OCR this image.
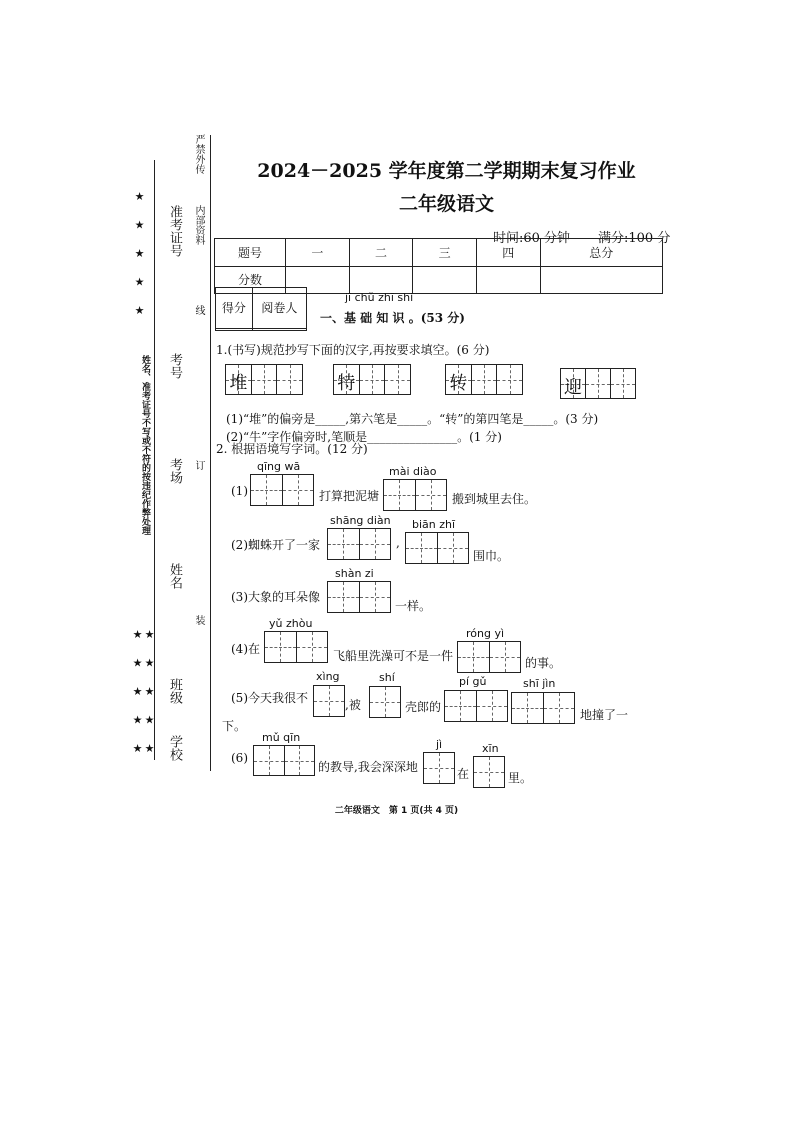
★ ★ ★ ★ ★
★ ★ ★ ★ ★
★ ★ ★ ★ ★
姓名、准考证号不写或不符的按违纪作弊处理
严禁外传
内部资料
线
订
装
准考证号
考号
考场
姓名
班级
学校
2024－2025 学年度第二学期期末复习作业
二年级语文
时间:60 分钟 满分:100 分
题号	一	二	三	四	总分
分数					
得分	阅卷人

jī chǔ zhī shi
一、基 础 知 识 。(53 分)
1.(书写)规范抄写下面的汉字,再按要求填空。(6 分)
堆	特	转	迎
(1)“堆”的偏旁是_____,第六笔是_____。“转”的第四笔是_____。(3 分)
(2)“牛”字作偏旁时,笔顺是_______________。(1 分)
2. 根据语境写字词。(12 分)
(1)
qīng wā
打算把泥塘
mài diào
搬到城里去住。
(2)蜘蛛开了一家
shāng diàn
,
biān zhī
围巾。
(3)大象的耳朵像
shàn zi
一样。
(4)在
yǔ zhòu
飞船里洗澡可不是一件
róng yì
的事。
(5)今天我很不
xìng
,被
shí
壳郎的
pí gǔ	shī jìn
地撞了一
下。
(6)
mǔ qīn
的教导,我会深深地
jì
在
xīn
里。
二年级语文　第 1 页(共 4 页)
